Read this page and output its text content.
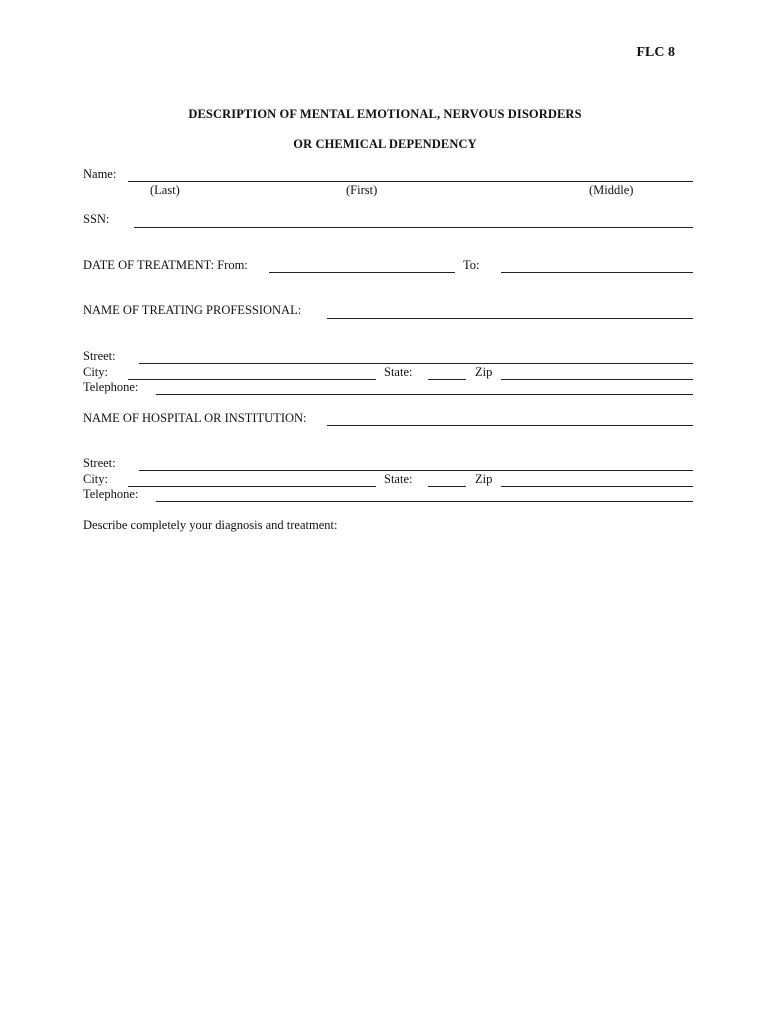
FLC 8
DESCRIPTION OF MENTAL EMOTIONAL, NERVOUS DISORDERS
OR CHEMICAL DEPENDENCY
Name:
(Last)	(First)	(Middle)
SSN:
DATE OF TREATMENT: From:	To:
NAME OF TREATING PROFESSIONAL:
Street:
City:	State:	Zip
Telephone:
NAME OF HOSPITAL OR INSTITUTION:
Street:
City:	State:	Zip
Telephone:
Describe completely your diagnosis and treatment:
